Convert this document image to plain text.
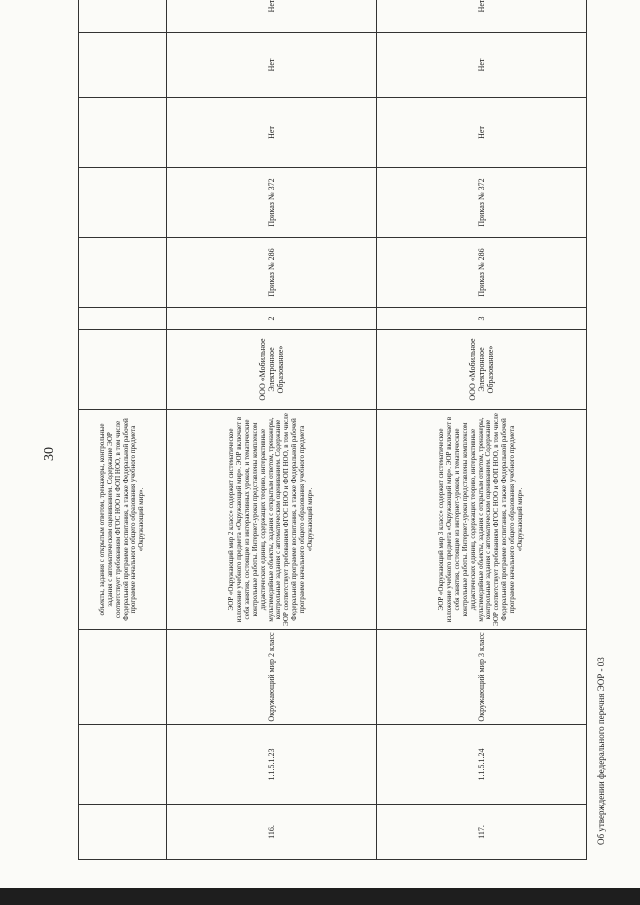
30
				объекты, задания с открытым ответом, тренажеры, контрольные задания с автоматическим оцениванием. Содержание ЭОР соответствует требованиям ФГОС НОО и ФОП НОО, в том числе Федеральной программе воспитания, а также Федеральной рабочей программе начального общего образования учебного предмета «Окружающий мир».								
116.	1.1.5.1.23	Окружающий мир 2 класс	ЭОР «Окружающий мир 2 класс» содержит систематическое изложение учебного предмета «Окружающий мир». ЭОР включает в себя занятия, состоящие из интерактивных уроков, и тематические контрольные работы. Интернет-уроки представлены комплексом дидактических единиц, содержащих теорию, интерактивные мультимедийные объекты, задания с открытым ответом, тренажеры, контрольные задания с автоматическим оцениванием. Содержание ЭОР соответствует требованиям ФГОС НОО и ФОП НОО, в том числе Федеральной программе воспитания, а также Федеральной рабочей программе начального общего образования учебного предмета «Окружающий мир».	ООО «Мобильное Электронное Образование»	2	Приказ № 286	Приказ № 372	Нет	Нет	Нет	
117.	1.1.5.1.24	Окружающий мир 3 класс	ЭОР «Окружающий мир 3 класс» содержит систематическое изложение учебного предмета «Окружающий мир». ЭОР включает в себя занятия, состоящие из интернет-уроков, и тематические контрольные работы. Интернет-уроки представлены комплексом дидактических единиц, содержащих теорию, интерактивные мультимедийные объекты, задания с открытым ответом, тренажеры, контрольные задания с автоматическим оцениванием. Содержание ЭОР соответствует требованиям ФГОС НОО и ФОП НОО, в том числе Федеральной программе воспитания, а также Федеральной рабочей программе начального общего образования учебного предмета «Окружающий мир».	ООО «Мобильное Электронное Образование»	3	Приказ № 286	Приказ № 372	Нет	Нет	Нет	
Об утверждении федерального перечня ЭОР - 03
